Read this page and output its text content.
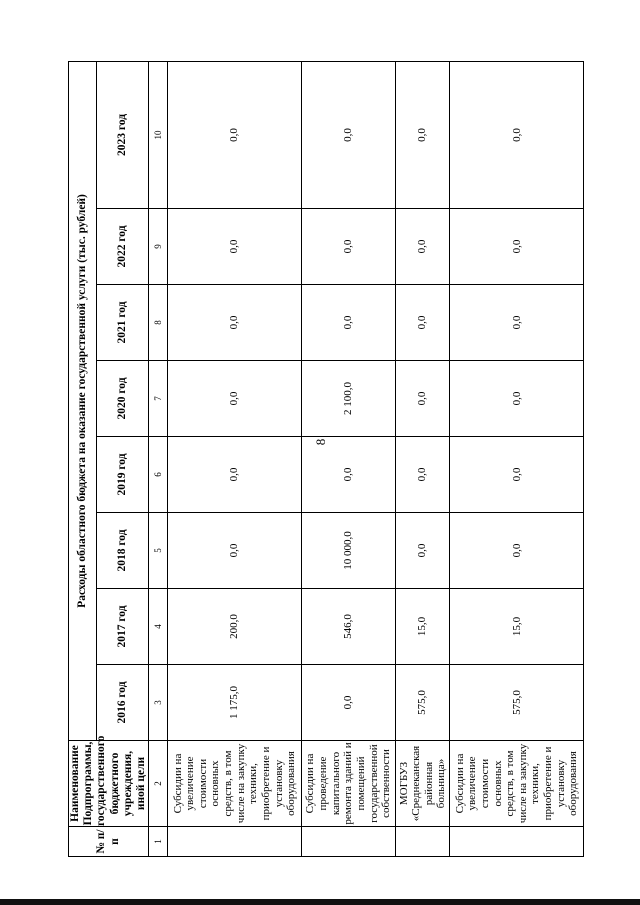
8
№ п/п	Наименование Подпрограммы, государственного бюджетного учреждения, иной цели	Расходы областного бюджета на оказание государственной услуги (тыс. рублей)							
		2016 год	2017 год	2018 год	2019 год	2020 год	2021 год	2022 год	2023 год
1	2	3	4	5	6	7	8	9	10
	Субсидии на увеличение стоимости основных средств, в том числе на закупку техники, приобретение и установку оборудования	1 175,0	200,0	0,0	0,0	0,0	0,0	0,0	0,0
	Субсидии на проведение капитального ремонта зданий и помещений государственной собственности	0,0	546,0	10 000,0	0,0	2 100,0	0,0	0,0	0,0
	МОГБУЗ «Среднеканская районная больница»	575,0	15,0	0,0	0,0	0,0	0,0	0,0	0,0
	Субсидии на увеличение стоимости основных средств, в том числе на закупку техники, приобретение и установку оборудования	575,0	15,0	0,0	0,0	0,0	0,0	0,0	0,0
